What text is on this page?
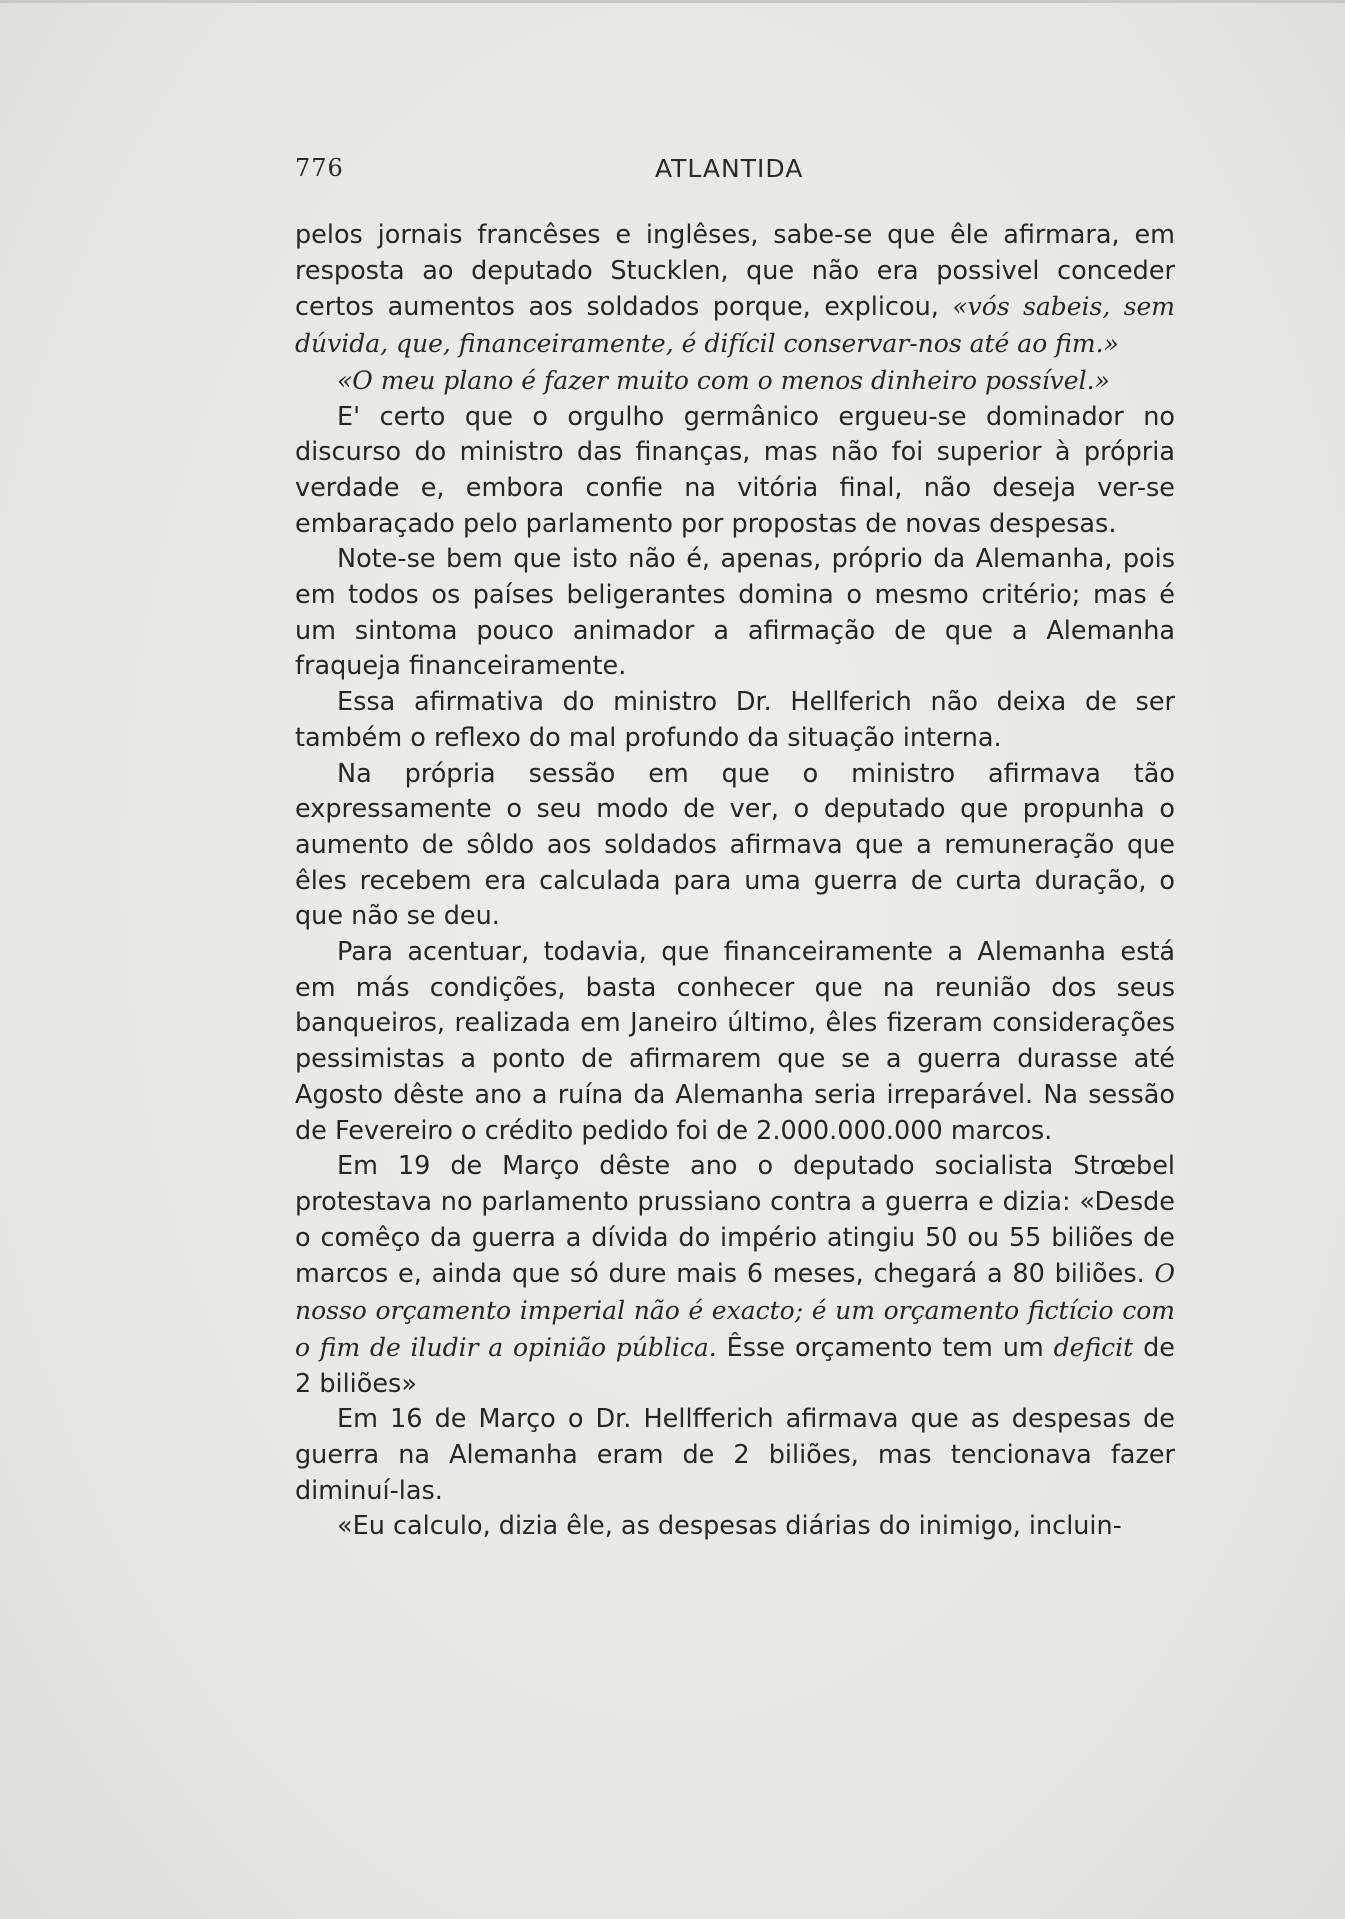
776	ATLANTIDA

pelos jornais francêses e inglêses, sabe-se que êle afirmara, em resposta ao deputado Stucklen, que não era possivel conceder certos aumentos aos soldados porque, explicou, «vós sabeis, sem dúvida, que, financeiramente, é difícil conservar-nos até ao fim.»

«O meu plano é fazer muito com o menos dinheiro possível.»

E' certo que o orgulho germânico ergueu-se dominador no discurso do ministro das finanças, mas não foi superior à própria verdade e, embora confie na vitória final, não deseja ver-se embaraçado pelo parlamento por propostas de novas despesas.

Note-se bem que isto não é, apenas, próprio da Alemanha, pois em todos os países beligerantes domina o mesmo critério; mas é um sintoma pouco animador a afirmação de que a Alemanha fraqueja financeiramente.

Essa afirmativa do ministro Dr. Hellferich não deixa de ser também o reflexo do mal profundo da situação interna.

Na própria sessão em que o ministro afirmava tão expressamente o seu modo de ver, o deputado que propunha o aumento de sôldo aos soldados afirmava que a remuneração que êles recebem era calculada para uma guerra de curta duração, o que não se deu.

Para acentuar, todavia, que financeiramente a Alemanha está em más condições, basta conhecer que na reunião dos seus banqueiros, realizada em Janeiro último, êles fizeram considerações pessimistas a ponto de afirmarem que se a guerra durasse até Agosto dêste ano a ruína da Alemanha seria irreparável. Na sessão de Fevereiro o crédito pedido foi de 2.000.000.000 marcos.

Em 19 de Março dêste ano o deputado socialista Strœbel protestava no parlamento prussiano contra a guerra e dizia: «Desde o comêço da guerra a dívida do império atingiu 50 ou 55 biliões de marcos e, ainda que só dure mais 6 meses, chegará a 80 biliões. O nosso orçamento imperial não é exacto; é um orçamento fictício com o fim de iludir a opinião pública. Êsse orçamento tem um deficit de 2 biliões»

Em 16 de Março o Dr. Hellfferich afirmava que as despesas de guerra na Alemanha eram de 2 biliões, mas tencionava fazer diminuí-las.

«Eu calculo, dizia êle, as despesas diárias do inimigo, incluin-
